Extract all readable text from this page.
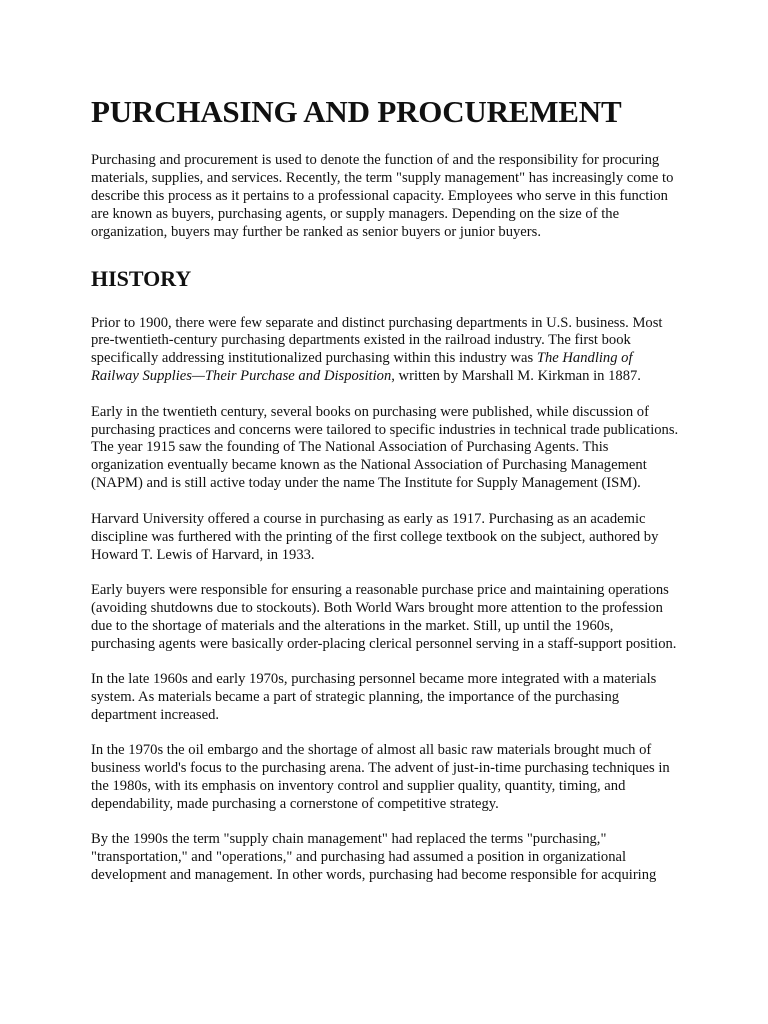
PURCHASING AND PROCUREMENT

Purchasing and procurement is used to denote the function of and the responsibility for procuring materials, supplies, and services. Recently, the term "supply management" has increasingly come to describe this process as it pertains to a professional capacity. Employees who serve in this function are known as buyers, purchasing agents, or supply managers. Depending on the size of the organization, buyers may further be ranked as senior buyers or junior buyers.

HISTORY

Prior to 1900, there were few separate and distinct purchasing departments in U.S. business. Most pre-twentieth-century purchasing departments existed in the railroad industry. The first book specifically addressing institutionalized purchasing within this industry was The Handling of Railway Supplies—Their Purchase and Disposition, written by Marshall M. Kirkman in 1887.

Early in the twentieth century, several books on purchasing were published, while discussion of purchasing practices and concerns were tailored to specific industries in technical trade publications. The year 1915 saw the founding of The National Association of Purchasing Agents. This organization eventually became known as the National Association of Purchasing Management (NAPM) and is still active today under the name The Institute for Supply Management (ISM).

Harvard University offered a course in purchasing as early as 1917. Purchasing as an academic discipline was furthered with the printing of the first college textbook on the subject, authored by Howard T. Lewis of Harvard, in 1933.

Early buyers were responsible for ensuring a reasonable purchase price and maintaining operations (avoiding shutdowns due to stockouts). Both World Wars brought more attention to the profession due to the shortage of materials and the alterations in the market. Still, up until the 1960s, purchasing agents were basically order-placing clerical personnel serving in a staff-support position.

In the late 1960s and early 1970s, purchasing personnel became more integrated with a materials system. As materials became a part of strategic planning, the importance of the purchasing department increased.

In the 1970s the oil embargo and the shortage of almost all basic raw materials brought much of business world's focus to the purchasing arena. The advent of just-in-time purchasing techniques in the 1980s, with its emphasis on inventory control and supplier quality, quantity, timing, and dependability, made purchasing a cornerstone of competitive strategy.

By the 1990s the term "supply chain management" had replaced the terms "purchasing," "transportation," and "operations," and purchasing had assumed a position in organizational development and management. In other words, purchasing had become responsible for acquiring
